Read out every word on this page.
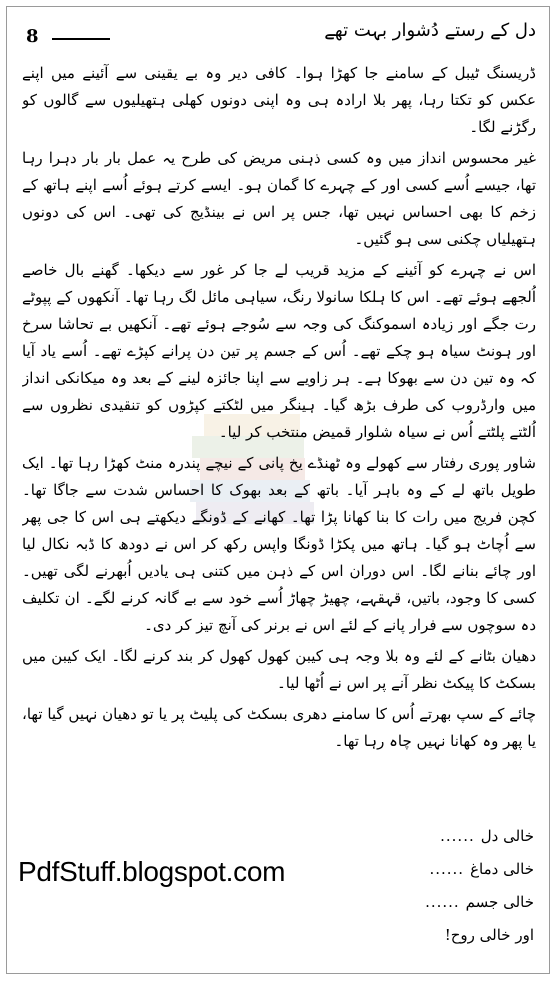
8	دل کے رستے دُشوار بہت تھے

ڈریسنگ ٹیبل کے سامنے جا کھڑا ہوا۔ کافی دیر وہ بے یقینی سے آئینے میں اپنے عکس کو تکتا رہا، پھر بلا ارادہ ہی وہ اپنی دونوں کھلی ہتھیلیوں سے گالوں کو رگڑنے لگا۔

غیر محسوس انداز میں وہ کسی ذہنی مریض کی طرح یہ عمل بار بار دہرا رہا تھا، جیسے اُسے کسی اور کے چہرے کا گمان ہو۔ ایسے کرتے ہوئے اُسے اپنے ہاتھ کے زخم کا بھی احساس نہیں تھا، جس پر اس نے بینڈیج کی تھی۔ اس کی دونوں ہتھیلیاں چکنی سی ہو گئیں۔

اس نے چہرے کو آئینے کے مزید قریب لے جا کر غور سے دیکھا۔ گھنے بال خاصے اُلجھے ہوئے تھے۔ اس کا ہلکا سانولا رنگ، سیاہی مائل لگ رہا تھا۔ آنکھوں کے پپوٹے رت جگے اور زیادہ اسموکنگ کی وجہ سے سُوجے ہوئے تھے۔ آنکھیں بے تحاشا سرخ اور ہونٹ سیاہ ہو چکے تھے۔ اُس کے جسم پر تین دن پرانے کپڑے تھے۔ اُسے یاد آیا کہ وہ تین دن سے بھوکا ہے۔ ہر زاویے سے اپنا جائزہ لینے کے بعد وہ میکانکی انداز میں وارڈروب کی طرف بڑھ گیا۔ ہینگر میں لٹکتے کپڑوں کو تنقیدی نظروں سے اُلٹتے پلٹتے اُس نے سیاہ شلوار قمیض منتخب کر لیا۔

شاور پوری رفتار سے کھولے وہ ٹھنڈے یخ پانی کے نیچے پندرہ منٹ کھڑا رہا تھا۔ ایک طویل باتھ لے کے وہ باہر آیا۔ باتھ کے بعد بھوک کا احساس شدت سے جاگا تھا۔ کچن فریج میں رات کا بنا کھانا پڑا تھا۔ کھانے کے ڈونگے دیکھتے ہی اس کا جی پھر سے اُچاٹ ہو گیا۔ ہاتھ میں پکڑا ڈونگا واپس رکھ کر اس نے دودھ کا ڈبہ نکال لیا اور چائے بنانے لگا۔ اس دوران اس کے ذہن میں کتنی ہی یادیں اُبھرنے لگی تھیں۔ کسی کا وجود، باتیں، قہقہے، چھیڑ چھاڑ اُسے خود سے بے گانہ کرنے لگے۔ ان تکلیف دہ سوچوں سے فرار پانے کے لئے اس نے برنر کی آنچ تیز کر دی۔

دھیان بٹانے کے لئے وہ بلا وجہ ہی کیبن کھول کھول کر بند کرنے لگا۔ ایک کیبن میں بسکٹ کا پیکٹ نظر آنے پر اس نے اُٹھا لیا۔

چائے کے سپ بھرتے اُس کا سامنے دھری بسکٹ کی پلیٹ پر یا تو دھیان نہیں گیا تھا، یا پھر وہ کھانا نہیں چاہ رہا تھا۔

خالی دل
......
خالی دماغ
......
خالی جسم
......
اور خالی روح!
PdfStuff.blogspot.com
